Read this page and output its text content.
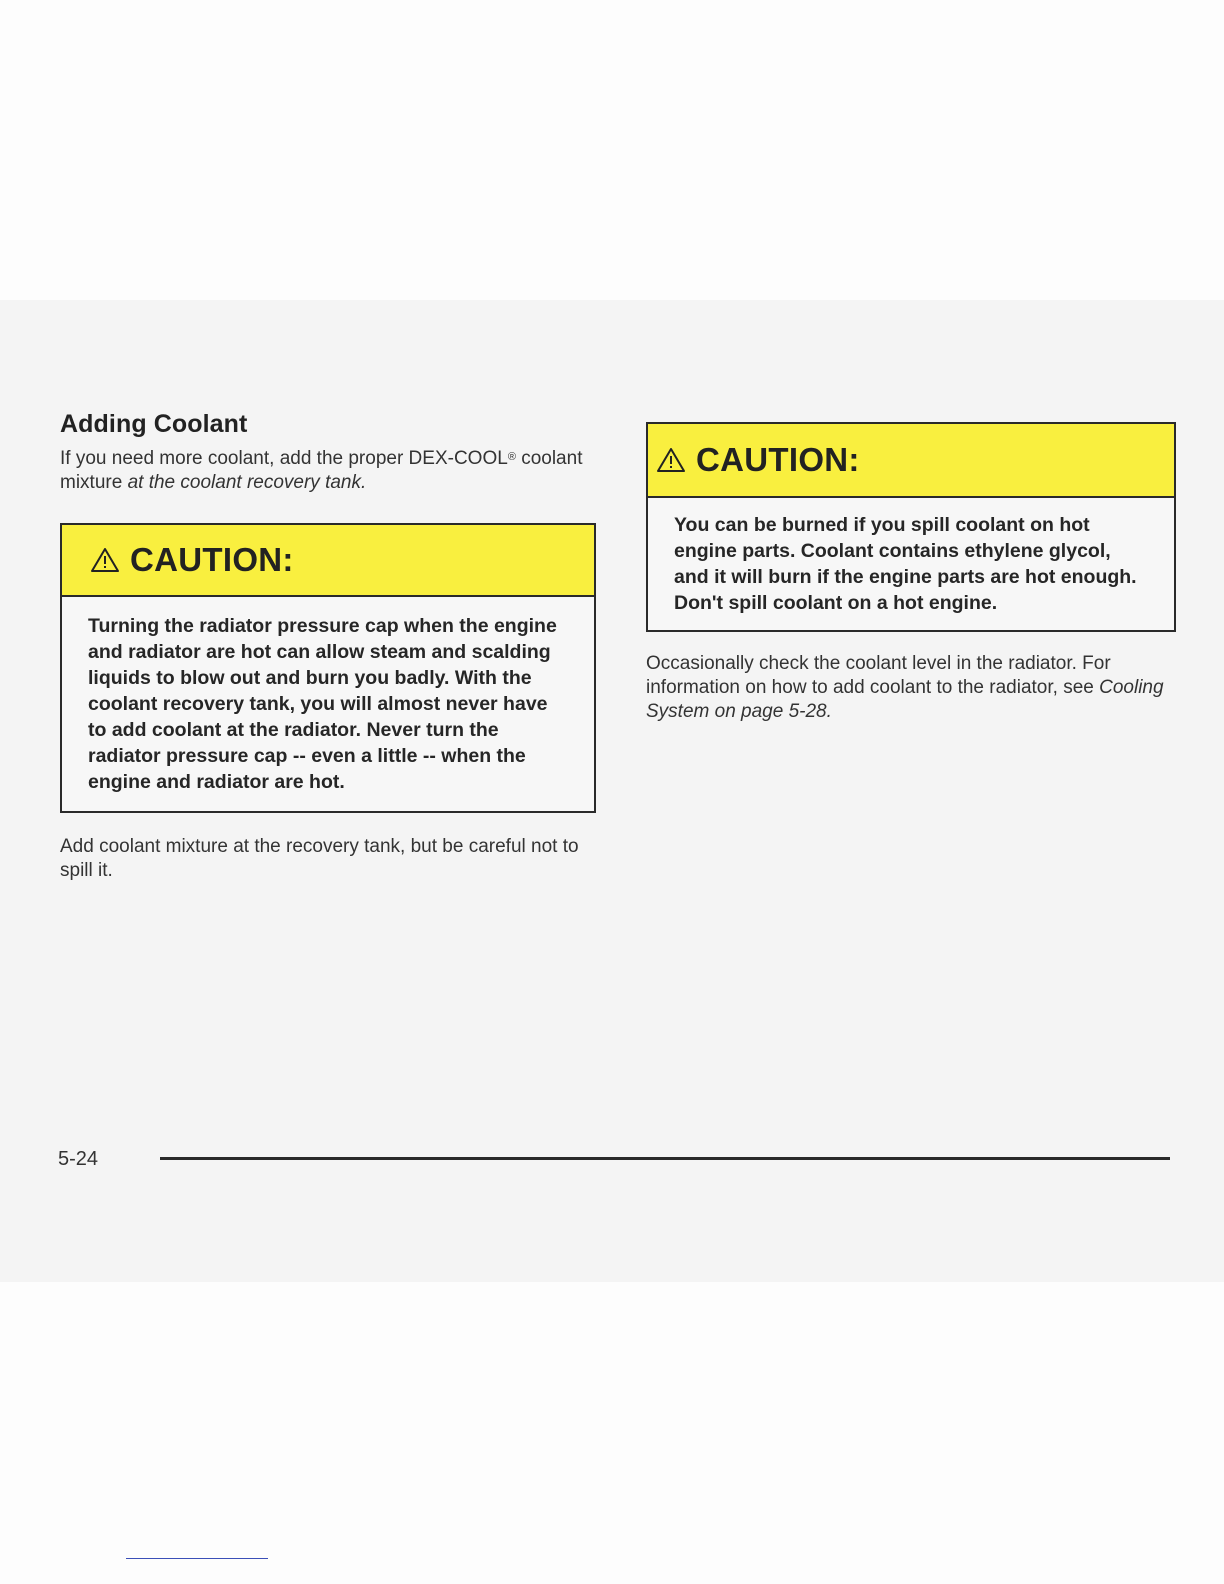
Adding Coolant

If you need more coolant, add the proper DEX-COOL® coolant mixture at the coolant recovery tank.

CAUTION:
Turning the radiator pressure cap when the engine and radiator are hot can allow steam and scalding liquids to blow out and burn you badly. With the coolant recovery tank, you will almost never have to add coolant at the radiator. Never turn the radiator pressure cap -- even a little -- when the engine and radiator are hot.

Add coolant mixture at the recovery tank, but be careful not to spill it.

CAUTION:
You can be burned if you spill coolant on hot engine parts. Coolant contains ethylene glycol, and it will burn if the engine parts are hot enough. Don't spill coolant on a hot engine.

Occasionally check the coolant level in the radiator. For information on how to add coolant to the radiator, see Cooling System on page 5-28.

5-24
